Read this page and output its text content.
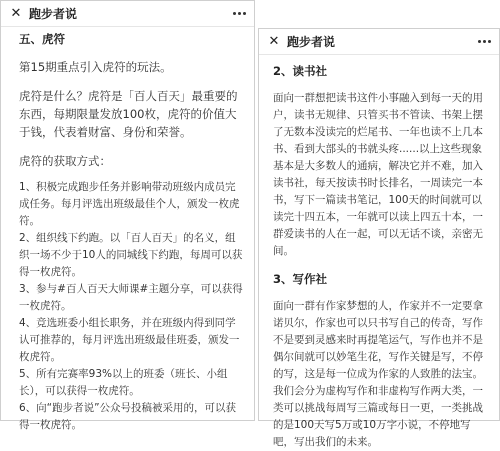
✕ 跑步者说

五、虎符

第15期重点引入虎符的玩法。

虎符是什么？虎符是「百人百天」最重要的东西，每期限量发放100枚，虎符的价值大于钱，代表着财富、身份和荣誉。

虎符的获取方式：

1、积极完成跑步任务并影响带动班级内成员完成任务。每月评选出班级最佳个人，颁发一枚虎符。

2、组织线下约跑。以「百人百天」的名义，组织一场不少于10人的同城线下约跑，每周可以获得一枚虎符。

3、参与#百人百天大师课#主题分享，可以获得一枚虎符。

4、竞选班委小组长职务，并在班级内得到同学认可推荐的，每月评选出班级最佳班委，颁发一枚虎符。

5、所有完赛率93%以上的班委（班长、小组长），可以获得一枚虎符。

6、向“跑步者说”公众号投稿被采用的，可以获得一枚虎符。

✕ 跑步者说

2、读书社

面向一群想把读书这件小事融入到每一天的用户，读书无规律、只管买书不管读、书架上摆了无数本没读完的烂尾书、一年也读不上几本书、看到大部头的书就头疼......以上这些现象基本是大多数人的通病，解决它并不难，加入读书社，每天按读书时长排名，一周读完一本书，写下一篇读书笔记，100天的时间就可以读完十四五本，一年就可以读上四五十本，一群爱读书的人在一起，可以无话不谈，亲密无间。

3、写作社

面向一群有作家梦想的人，作家并不一定要拿诺贝尔，作家也可以只书写自己的传奇，写作不是要到灵感来时再提笔运气，写作也并不是偶尔间就可以妙笔生花，写作关键是写，不停的写，这是每一位成为作家的人致胜的法宝。我们会分为虚构写作和非虚构写作两大类，一类可以挑战每周写三篇或每日一更，一类挑战的是100天写5万或10万字小说，不停地写吧，写出我们的未来。
